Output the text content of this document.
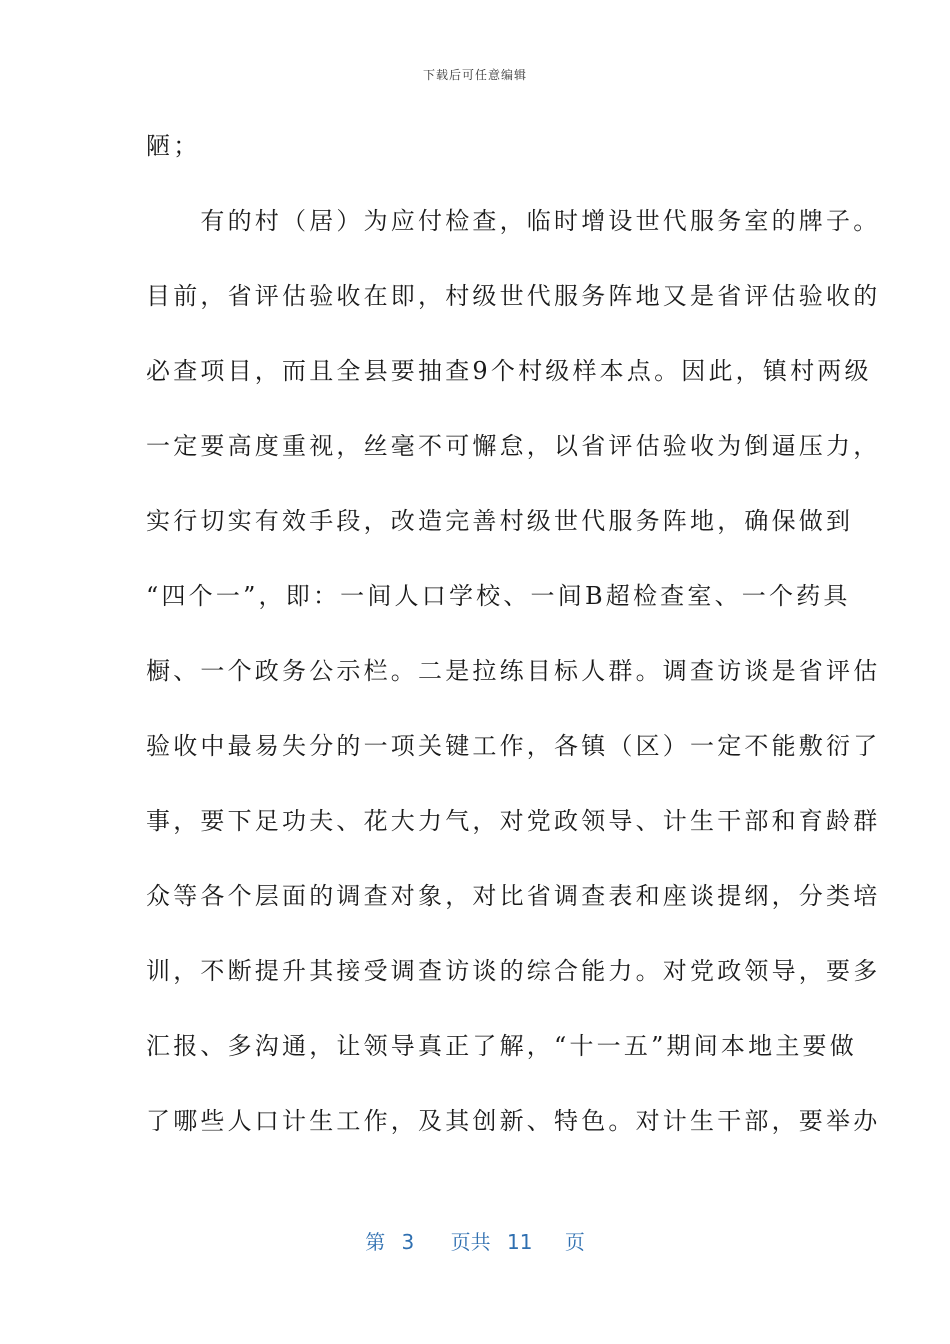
下载后可任意编辑
陋；
　　有的村（居）为应付检查，临时增设世代服务室的牌子。
目前，省评估验收在即，村级世代服务阵地又是省评估验收的
必查项目，而且全县要抽查9个村级样本点。因此，镇村两级
一定要高度重视，丝毫不可懈怠，以省评估验收为倒逼压力，
实行切实有效手段，改造完善村级世代服务阵地，确保做到
“四个一”，即：一间人口学校、一间B超检查室、一个药具
橱、一个政务公示栏。二是拉练目标人群。调查访谈是省评估
验收中最易失分的一项关键工作，各镇（区）一定不能敷衍了
事，要下足功夫、花大力气，对党政领导、计生干部和育龄群
众等各个层面的调查对象，对比省调查表和座谈提纲，分类培
训，不断提升其接受调查访谈的综合能力。对党政领导，要多
汇报、多沟通，让领导真正了解，“十一五”期间本地主要做
了哪些人口计生工作，及其创新、特色。对计生干部，要举办
第 3 页共 11 页
